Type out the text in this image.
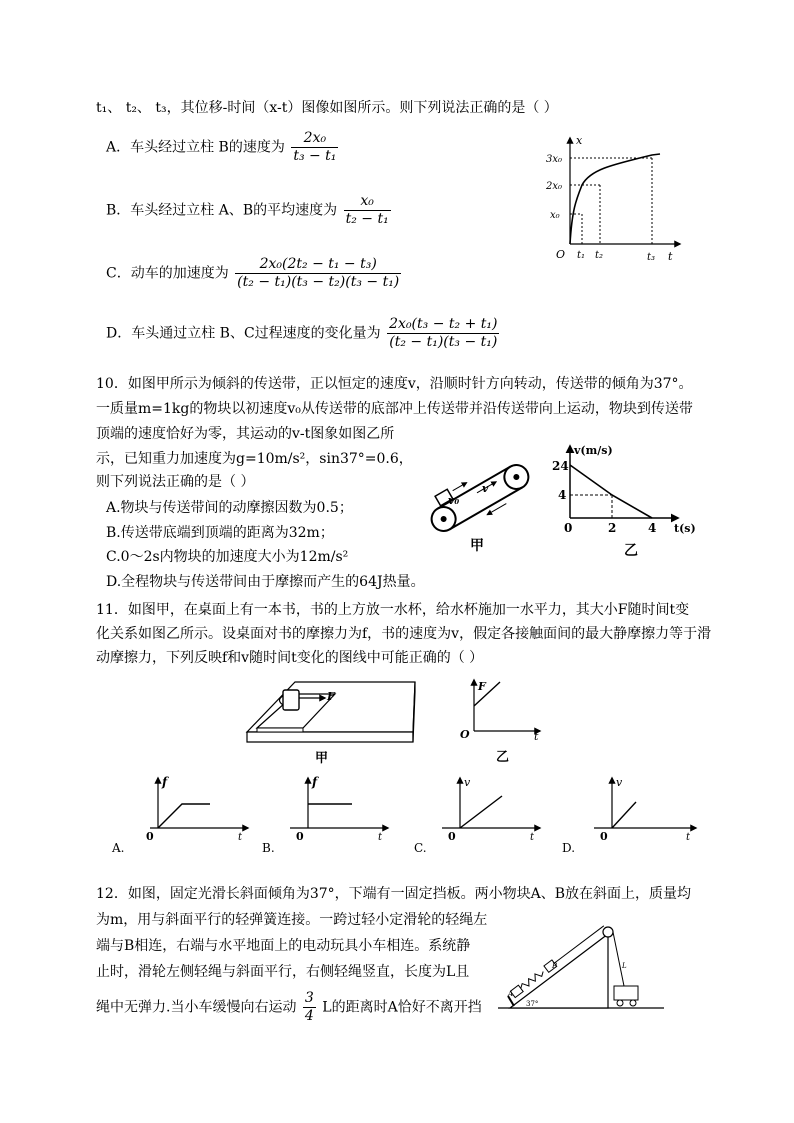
t₁、 t₂、 t₃，其位移-时间（x-t）图像如图所示。则下列说法正确的是（ ）
A．车头经过立柱 B的速度为 $\frac{\text{2x₀}}{\text{t₃ − t₁}}$
B．车头经过立柱 A、B的平均速度为 $\frac{\text{x₀}}{\text{t₂ − t₁}}$
C．动车的加速度为 $\frac{\text{2x₀(2t₂ − t₁ − t₃)}}{\text{(t₂ − t₁)(t₃ − t₂)(t₃ − t₁)}}$
D．车头通过立柱 B、C过程速度的变化量为 $\frac{\text{2x₀(t₃ − t₂ + t₁)}}{\text{(t₂ − t₁)(t₃ − t₁)}}$
x
t
O
x₀
2x₀
3x₀
t₁ t₂	t₃
10．如图甲所示为倾斜的传送带，正以恒定的速度v，沿顺时针方向转动，传送带的倾角为37°。
一质量m=1kg的物块以初速度v₀从传送带的底部冲上传送带并沿传送带向上运动，物块到传送带
顶端的速度恰好为零，其运动的v-t图象如图乙所
示，已知重力加速度为g=10m/s²，sin37°=0.6，
则下列说法正确的是（ ）
A.物块与传送带间的动摩擦因数为0.5；
B.传送带底端到顶端的距离为32m；
C.0～2s内物块的加速度大小为12m/s²
D.全程物块与传送带间由于摩擦而产生的64J热量。
v₀
v
甲
v(m/s)
t(s)
24
4
0	2	4
乙
11．如图甲，在桌面上有一本书，书的上方放一水杯，给水杯施加一水平力，其大小F随时间t变
化关系如图乙所示。设桌面对书的摩擦力为f，书的速度为v，假定各接触面间的最大静摩擦力等于滑
动摩擦力，下列反映f和v随时间t变化的图线中可能正确的（ ）
F
甲
F
O	t
乙
f
0	t
A.
f
0	t
B.
v
0	t
C.
v
0	t
D.
12．如图，固定光滑长斜面倾角为37°，下端有一固定挡板。两小物块A、B放在斜面上，质量均
为m，用与斜面平行的轻弹簧连接。一跨过轻小定滑轮的轻绳左
端与B相连，右端与水平地面上的电动玩具小车相连。系统静
止时，滑轮左侧轻绳与斜面平行，右侧轻绳竖直，长度为L且
绳中无弹力.当小车缓慢向右运动 $\frac{3}{4}$ L的距离时A恰好不离开挡
A
B	L
37°
